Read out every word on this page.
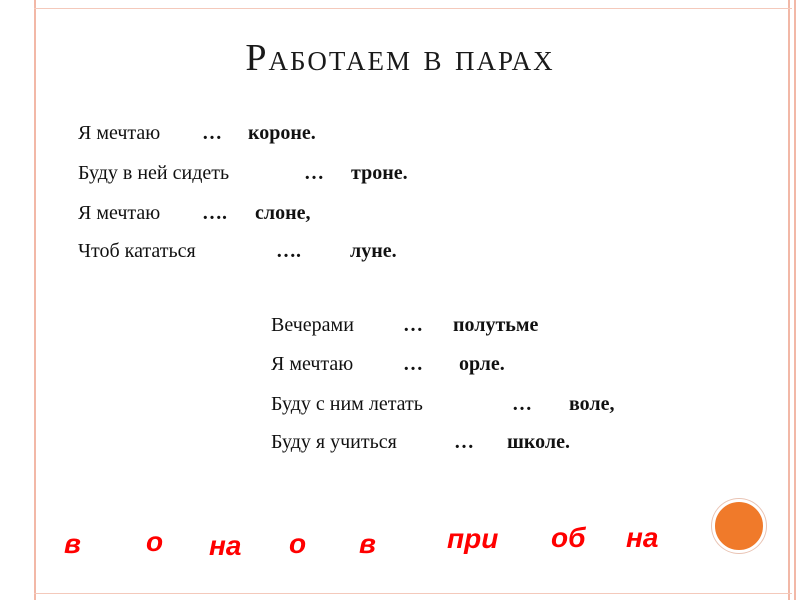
Работаем в парах
Я мечтаю … короне.
Буду в ней сидеть	… троне.
Я мечтаю …. слоне,
Чтоб кататься	…. луне.
Вечерами … полутьме
Я мечтаю … орле.
Буду с ним летать	… воле,
Буду я учиться	… школе.
в о на о в	при об на
